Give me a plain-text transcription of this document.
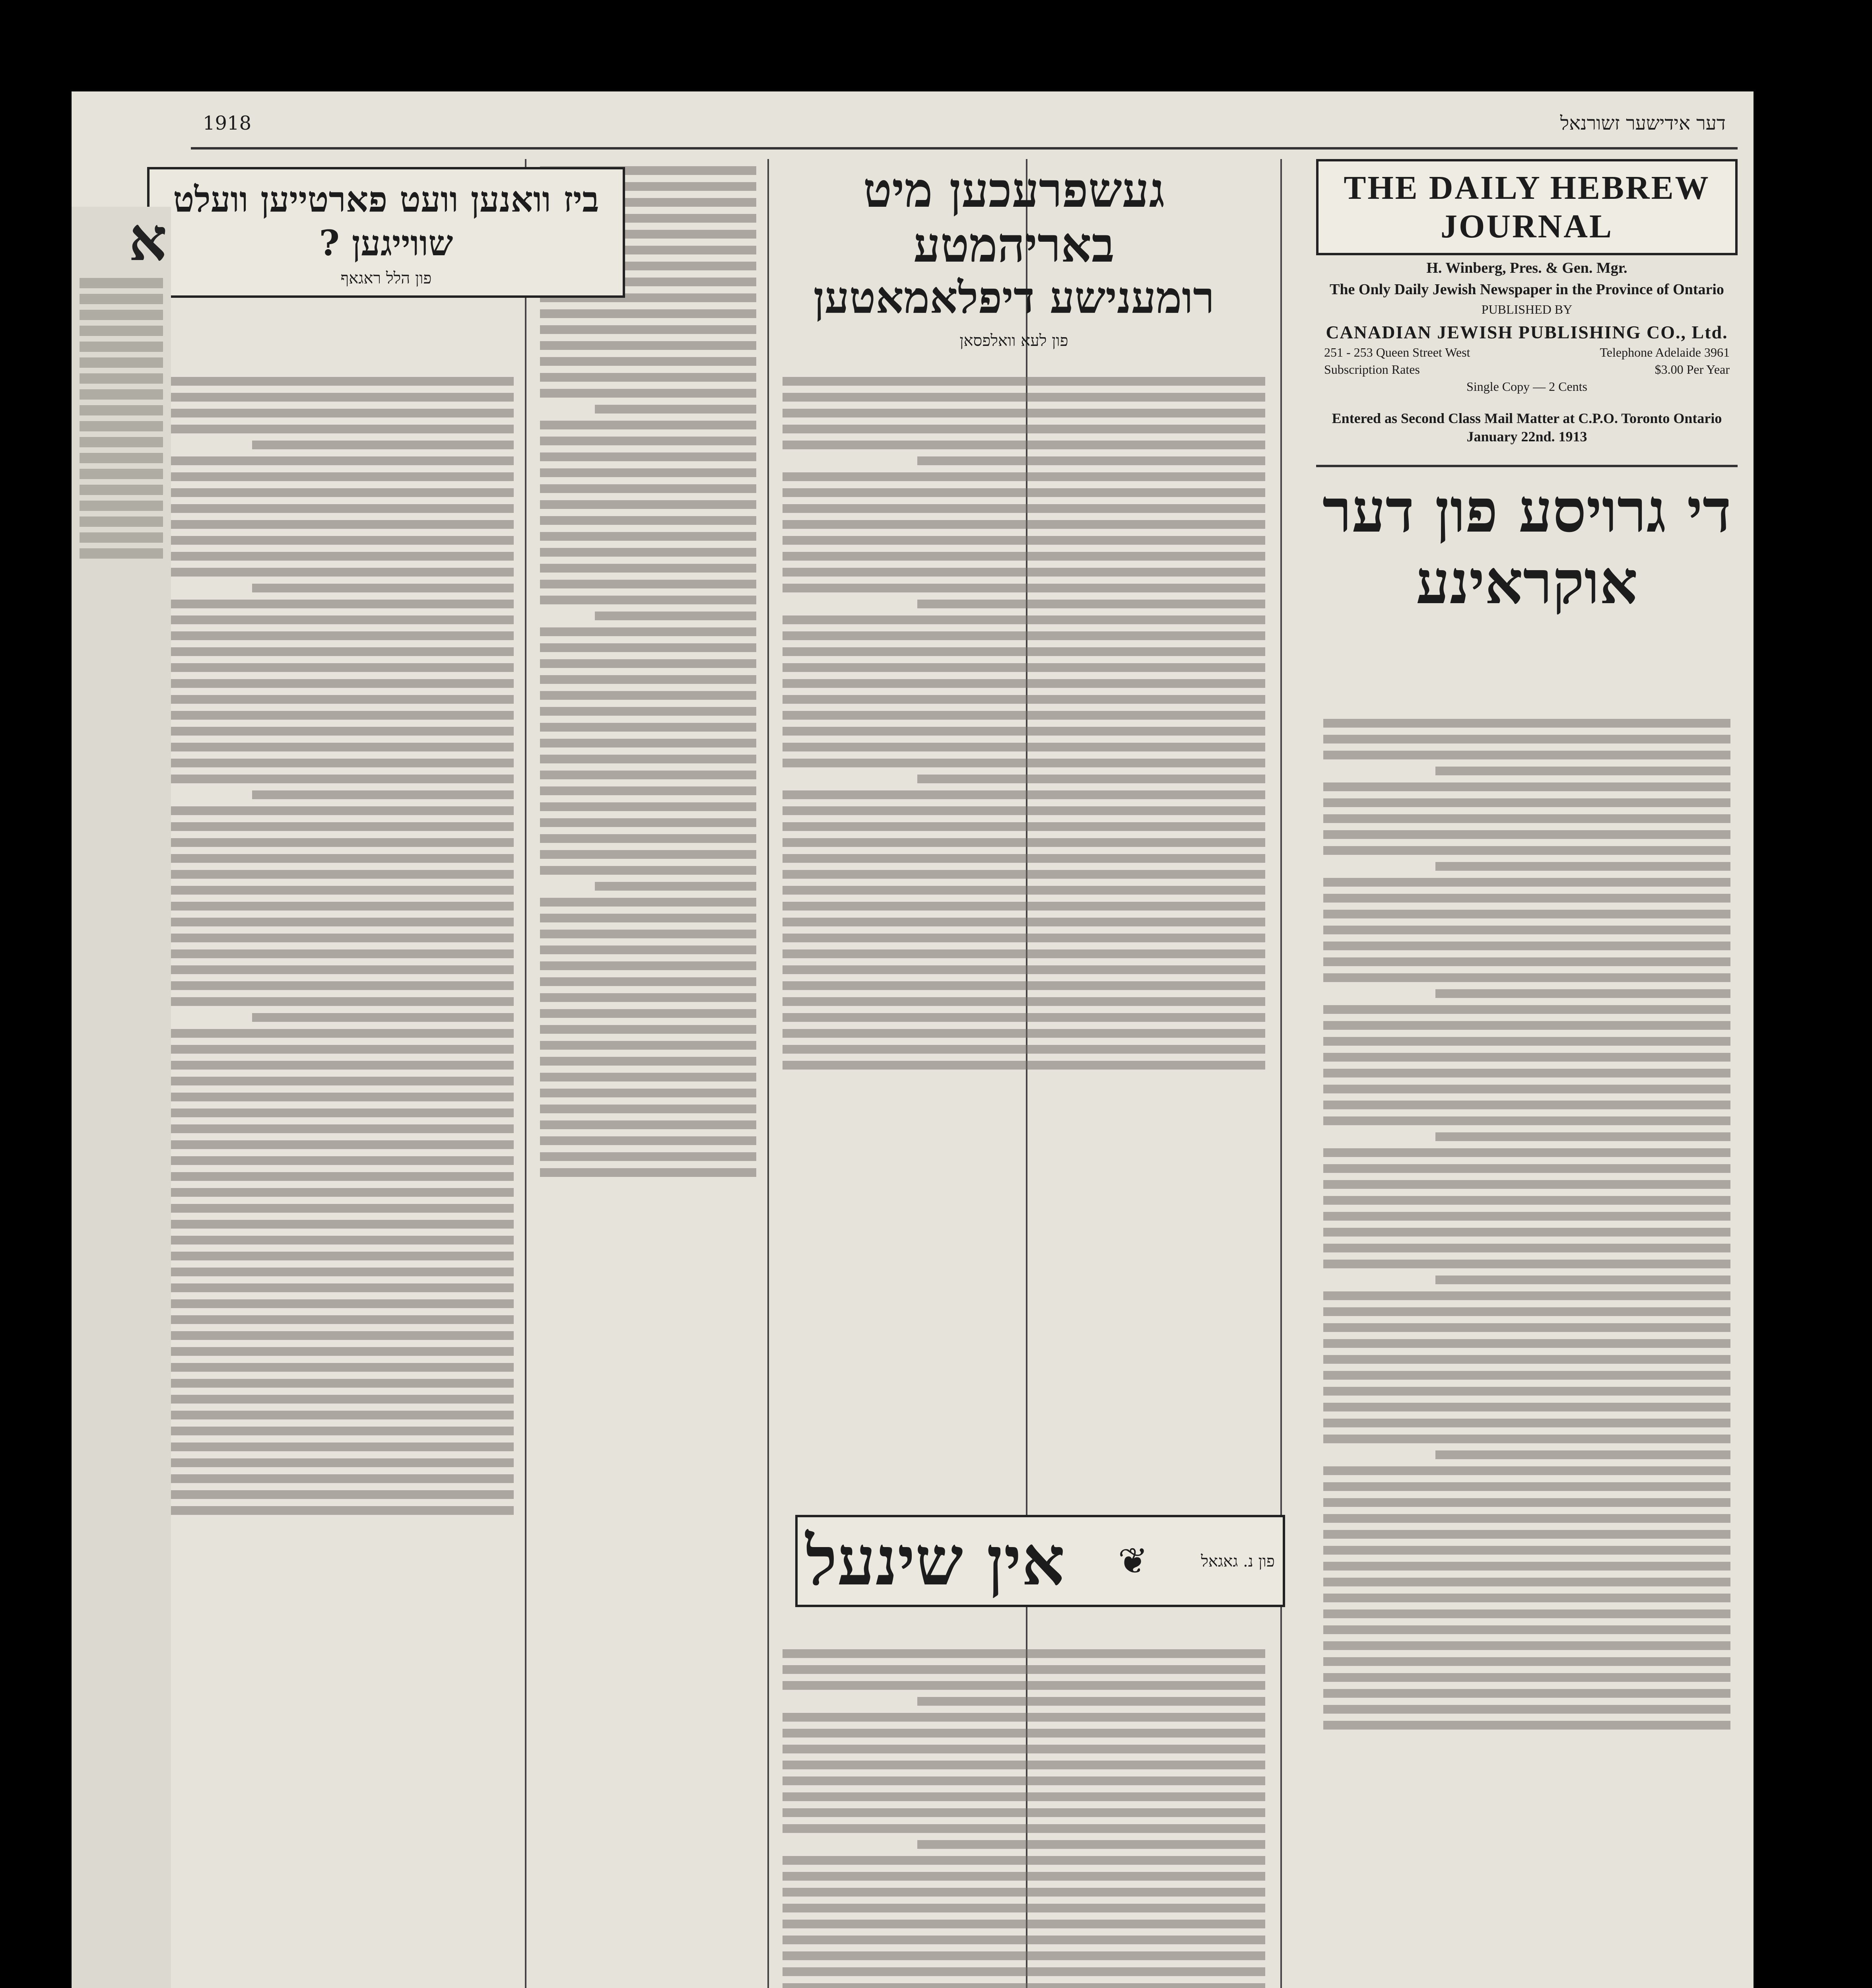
דער אידישער זשורנאל
1918
THE DAILY HEBREW JOURNAL
H. Winberg, Pres. & Gen. Mgr.
The Only Daily Jewish Newspaper in the Province of Ontario
PUBLISHED BY
CANADIAN JEWISH PUBLISHING CO., Ltd.
251 - 253 Queen Street West	Telephone Adelaide 3961
Subscription Rates	$3.00 Per Year
Single Copy — 2 Cents
Entered as Second Class Mail Matter at C.P.O. Toronto Ontario
January 22nd. 1913
די גרויסע פון דער אוקראינע
געשפרעכען מיט באריהמטע
רומענישע דיפלאמאטען
פון לעא וואלפסאן
פון נ. גאגאל
❦
אין שינעל
ביז וואנען וועט פארטייען וועלט
שווייגען ?
פון הלל ראגאף
א
